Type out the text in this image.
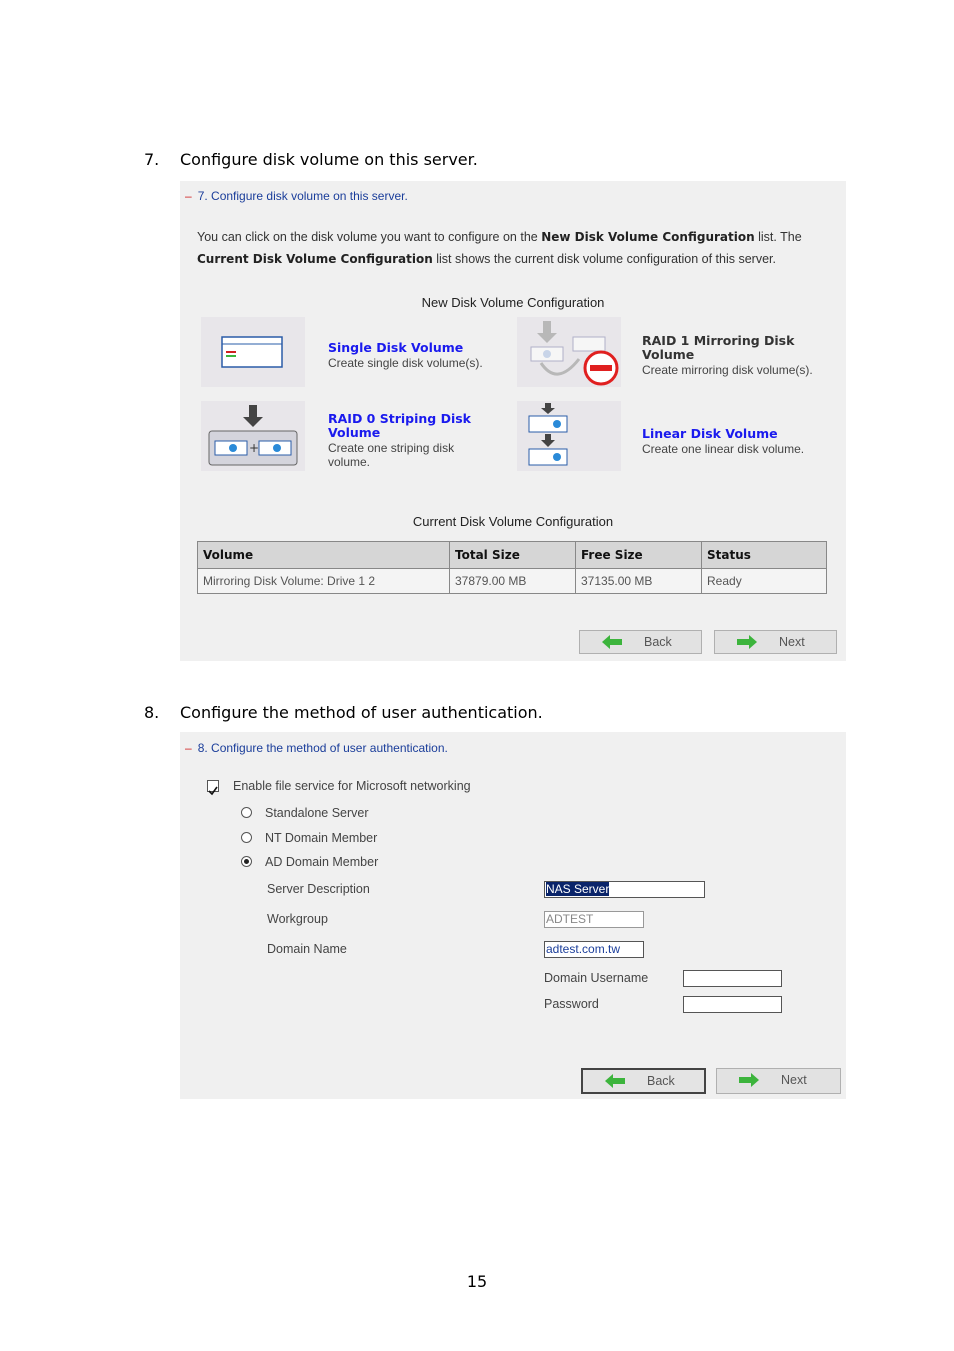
7. Configure disk volume on this server.
– 7. Configure disk volume on this server.
You can click on the disk volume you want to configure on the New Disk Volume Configuration list. The Current Disk Volume Configuration list shows the current disk volume configuration of this server.
New Disk Volume Configuration
Single Disk Volume
Create single disk volume(s).
RAID 1 Mirroring Disk Volume
Create mirroring disk volume(s).
+
RAID 0 Striping Disk Volume
Create one striping disk volume.
Linear Disk Volume
Create one linear disk volume.
Current Disk Volume Configuration
Volume	Total Size	Free Size	Status
Mirroring Disk Volume: Drive 1 2	37879.00 MB	37135.00 MB	Ready
Back	Next
8. Configure the method of user authentication.
– 8. Configure the method of user authentication.
Enable file service for Microsoft networking
Standalone Server
NT Domain Member
AD Domain Member
Server Description	NAS Server
Workgroup	ADTEST
Domain Name	adtest.com.tw
Domain Username
Password
Back	Next
15
